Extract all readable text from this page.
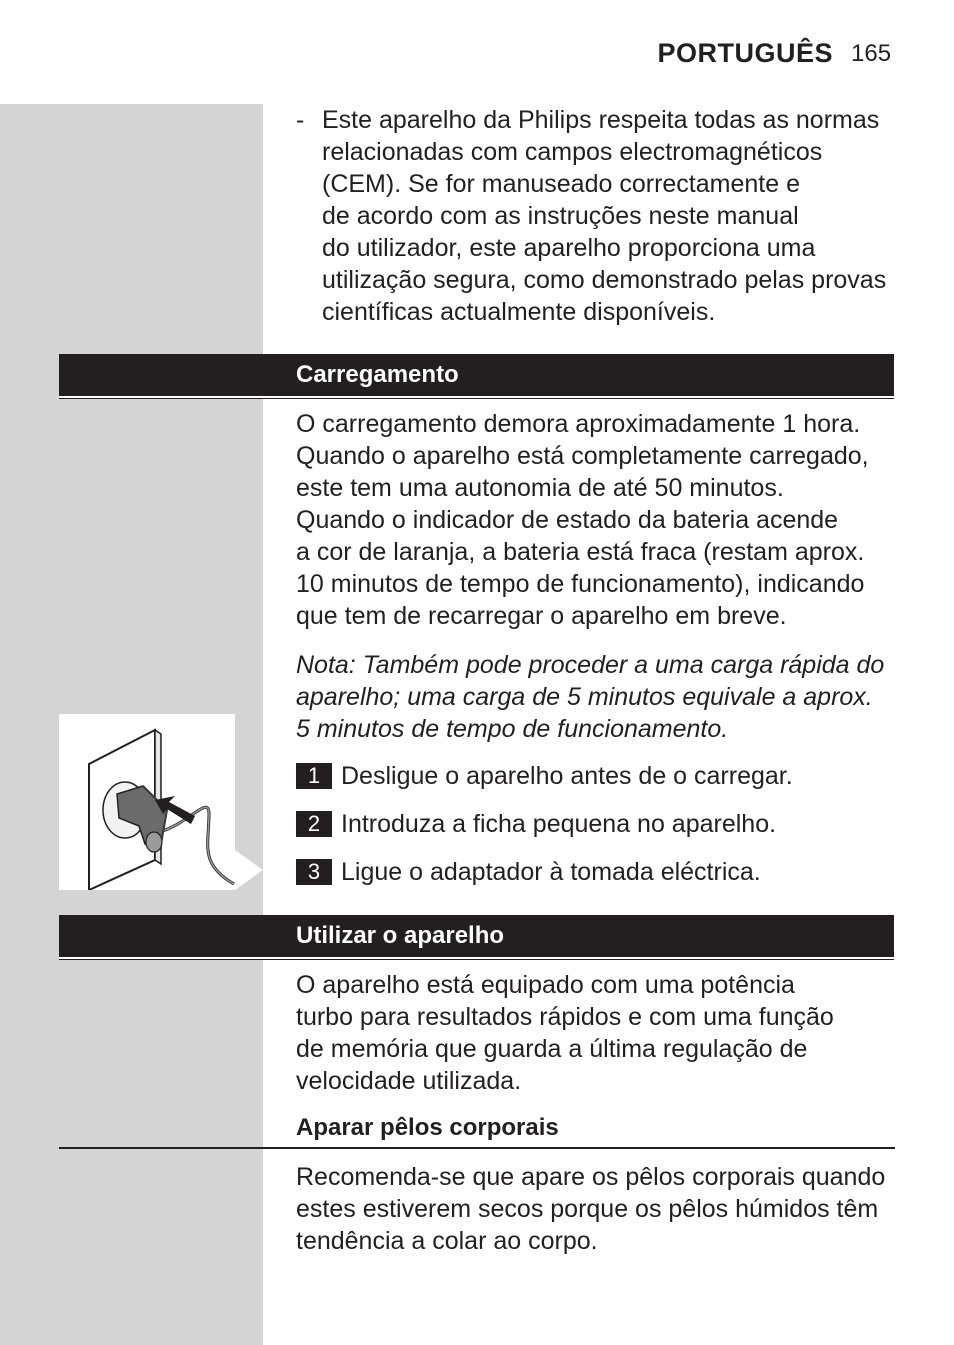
PORTUGUÊS 165
- Este aparelho da Philips respeita todas as normas

relacionadas com campos electromagnéticos

(CEM). Se for manuseado correctamente e

de acordo com as instruções neste manual

do utilizador, este aparelho proporciona uma

utilização segura, como demonstrado pelas provas

científicas actualmente disponíveis.

Carregamento

O carregamento demora aproximadamente 1 hora.

Quando o aparelho está completamente carregado,

este tem uma autonomia de até 50 minutos.

Quando o indicador de estado da bateria acende

a cor de laranja, a bateria está fraca (restam aprox.

10 minutos de tempo de funcionamento), indicando

que tem de recarregar o aparelho em breve.

Nota: Também pode proceder a uma carga rápida do

aparelho; uma carga de 5 minutos equivale a aprox.

5 minutos de tempo de funcionamento.

1 Desligue o aparelho antes de o carregar.
2 Introduza a ficha pequena no aparelho.
3 Ligue o adaptador à tomada eléctrica.
Utilizar o aparelho

O aparelho está equipado com uma potência

turbo para resultados rápidos e com uma função

de memória que guarda a última regulação de

velocidade utilizada.

Aparar pêlos corporais

Recomenda-se que apare os pêlos corporais quando

estes estiverem secos porque os pêlos húmidos têm

tendência a colar ao corpo.
